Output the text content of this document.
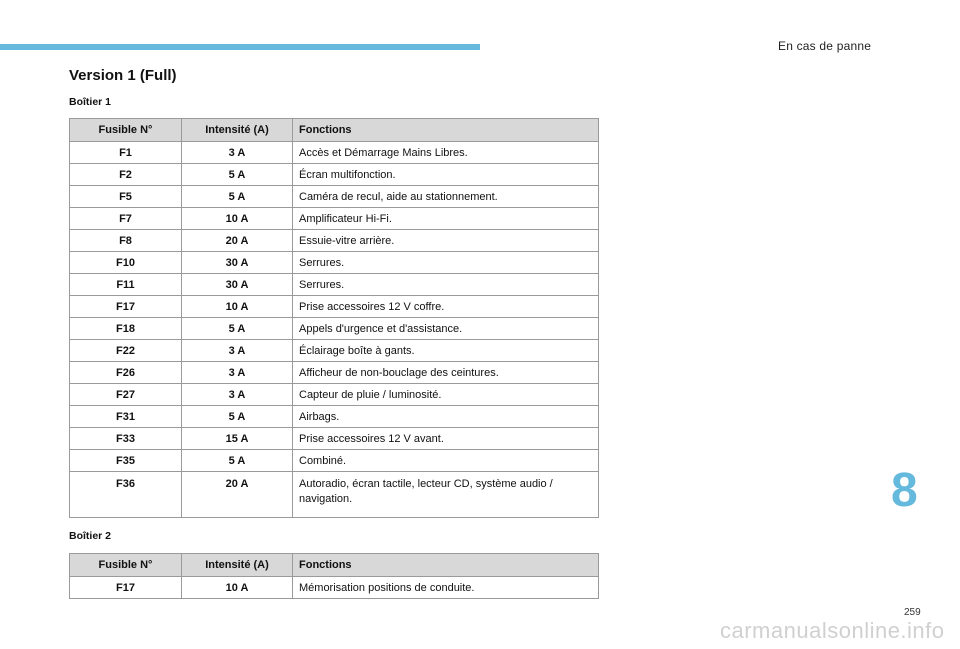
En cas de panne
Version 1 (Full)
Boîtier 1
Fusible N°	Intensité (A)	Fonctions
F1	3 A	Accès et Démarrage Mains Libres.
F2	5 A	Écran multifonction.
F5	5 A	Caméra de recul, aide au stationnement.
F7	10 A	Amplificateur Hi-Fi.
F8	20 A	Essuie-vitre arrière.
F10	30 A	Serrures.
F11	30 A	Serrures.
F17	10 A	Prise accessoires 12 V coffre.
F18	5 A	Appels d'urgence et d'assistance.
F22	3 A	Éclairage boîte à gants.
F26	3 A	Afficheur de non-bouclage des ceintures.
F27	3 A	Capteur de pluie / luminosité.
F31	5 A	Airbags.
F33	15 A	Prise accessoires 12 V avant.
F35	5 A	Combiné.
F36	20 A	Autoradio, écran tactile, lecteur CD, système audio / navigation.
Boîtier 2
Fusible N°	Intensité (A)	Fonctions
F17	10 A	Mémorisation positions de conduite.
8
259
carmanualsonline.info
